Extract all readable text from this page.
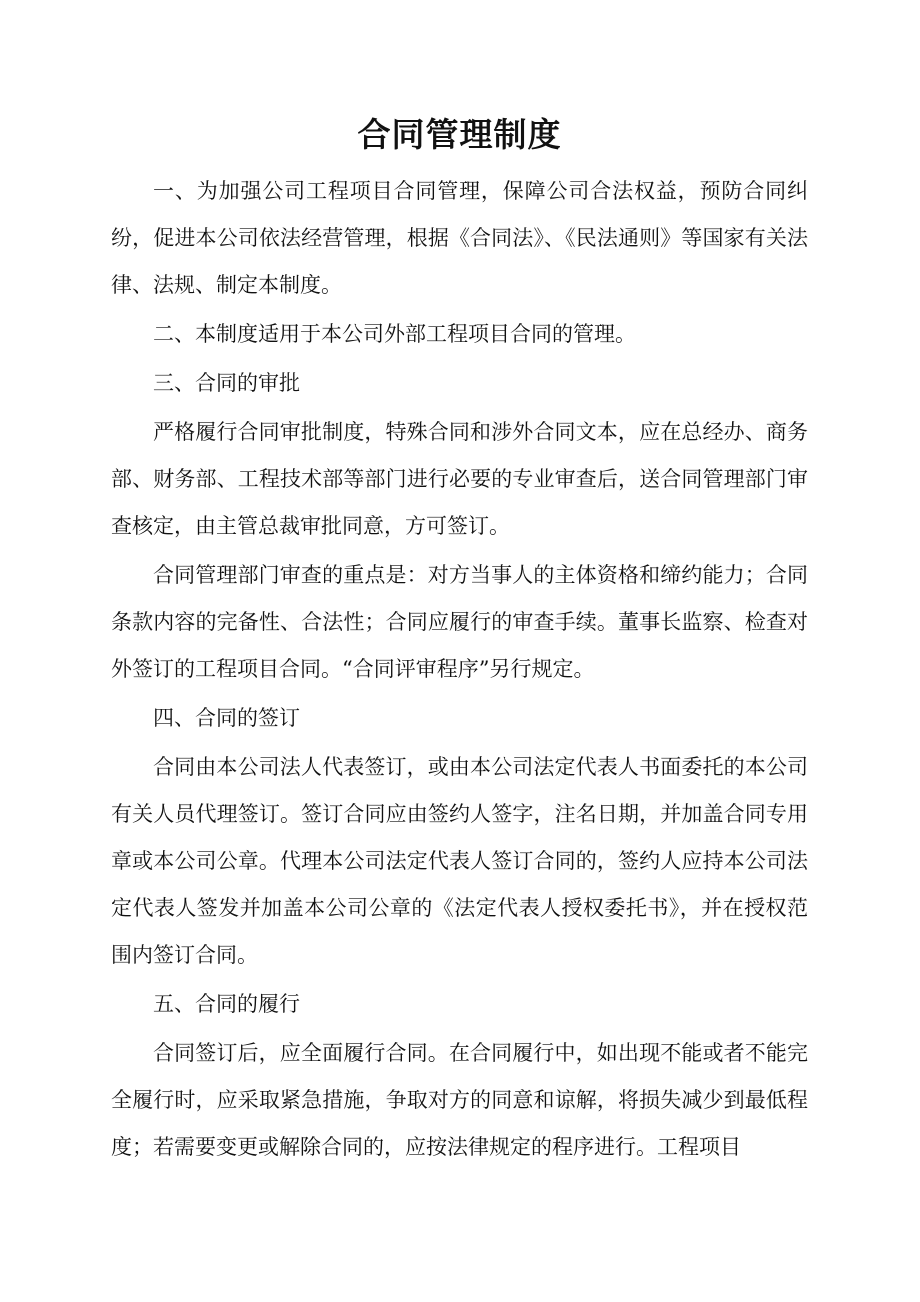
合同管理制度

一、为加强公司工程项目合同管理，保障公司合法权益，预防合同纠纷，促进本公司依法经营管理，根据《合同法》、《民法通则》等国家有关法律、法规、制定本制度。

二、本制度适用于本公司外部工程项目合同的管理。

三、合同的审批

严格履行合同审批制度，特殊合同和涉外合同文本，应在总经办、商务部、财务部、工程技术部等部门进行必要的专业审查后，送合同管理部门审查核定，由主管总裁审批同意，方可签订。

合同管理部门审查的重点是：对方当事人的主体资格和缔约能力；合同条款内容的完备性、合法性；合同应履行的审查手续。董事长监察、检查对外签订的工程项目合同。“合同评审程序”另行规定。

四、合同的签订

合同由本公司法人代表签订，或由本公司法定代表人书面委托的本公司有关人员代理签订。签订合同应由签约人签字，注名日期，并加盖合同专用章或本公司公章。代理本公司法定代表人签订合同的，签约人应持本公司法定代表人签发并加盖本公司公章的《法定代表人授权委托书》，并在授权范围内签订合同。

五、合同的履行

合同签订后，应全面履行合同。在合同履行中，如出现不能或者不能完全履行时，应采取紧急措施，争取对方的同意和谅解，将损失减少到最低程度；若需要变更或解除合同的，应按法律规定的程序进行。工程项目
